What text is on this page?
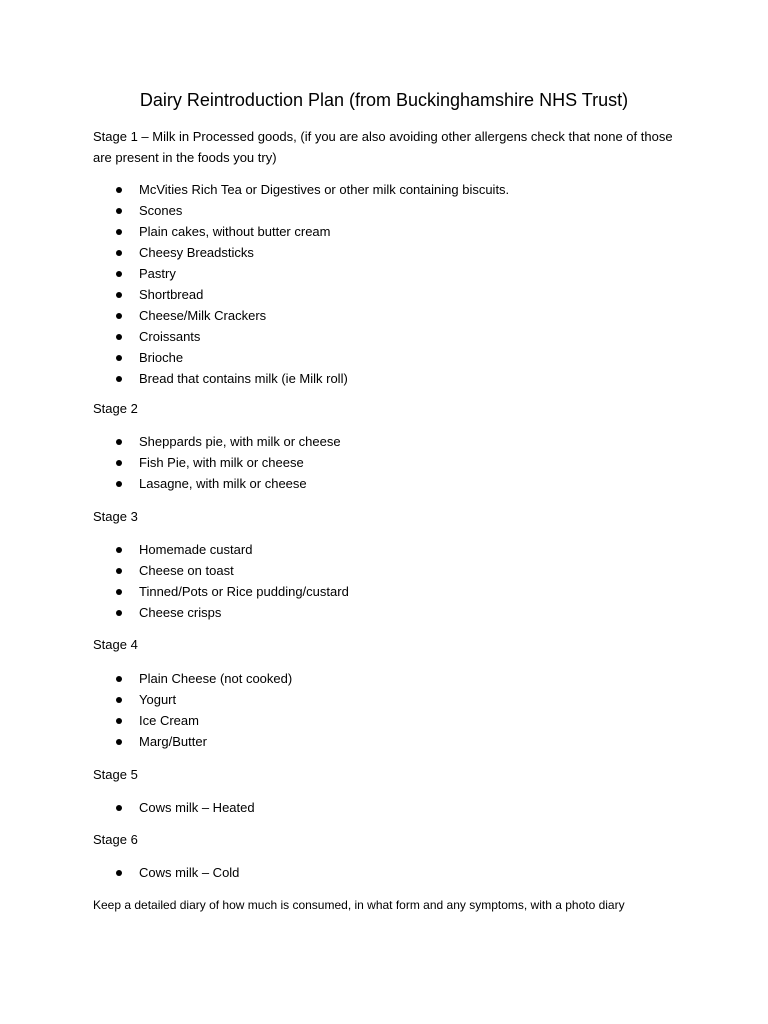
Dairy Reintroduction Plan (from Buckinghamshire NHS Trust)
Stage 1 – Milk in Processed goods, (if you are also avoiding other allergens check that none of those are present in the foods you try)
McVities Rich Tea or Digestives or other milk containing biscuits.
Scones
Plain cakes, without butter cream
Cheesy Breadsticks
Pastry
Shortbread
Cheese/Milk Crackers
Croissants
Brioche
Bread that contains milk (ie Milk roll)
Stage 2
Sheppards pie, with milk or cheese
Fish Pie, with milk or cheese
Lasagne, with milk or cheese
Stage 3
Homemade custard
Cheese on toast
Tinned/Pots or Rice pudding/custard
Cheese crisps
Stage 4
Plain Cheese (not cooked)
Yogurt
Ice Cream
Marg/Butter
Stage 5
Cows milk – Heated
Stage 6
Cows milk – Cold
Keep a detailed diary of how much is consumed, in what form and any symptoms, with a photo diary
